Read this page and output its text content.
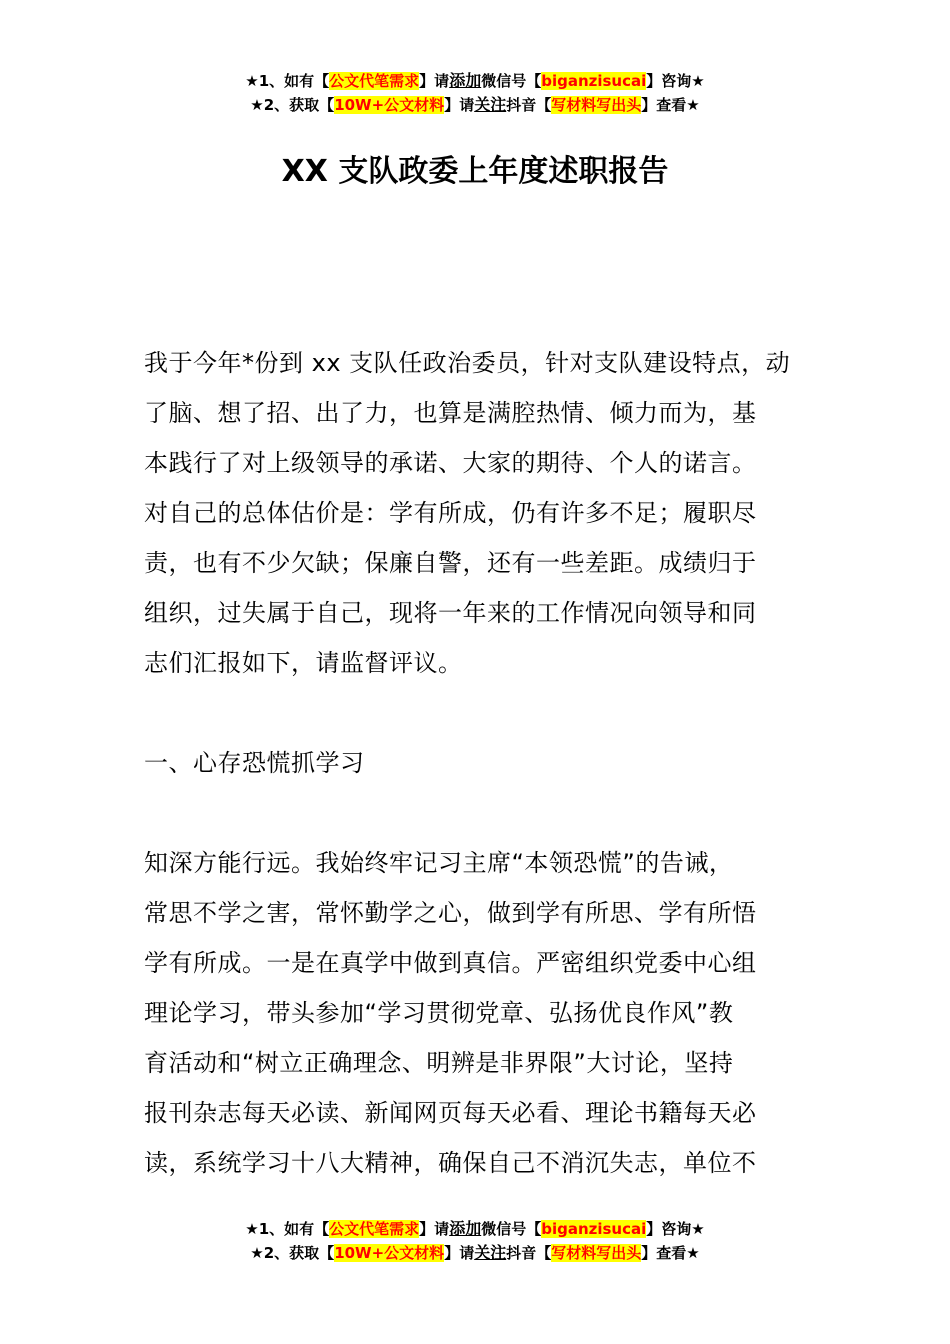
★1、如有【公文代笔需求】请添加微信号【biganzisucai】咨询★
★2、获取【10W+公文材料】请关注抖音【写材料写出头】查看★
XX 支队政委上年度述职报告
我于今年*份到 xx 支队任政治委员，针对支队建设特点，动
了脑、想了招、出了力，也算是满腔热情、倾力而为，基
本践行了对上级领导的承诺、大家的期待、个人的诺言。
对自己的总体估价是：学有所成，仍有许多不足；履职尽
责，也有不少欠缺；保廉自警，还有一些差距。成绩归于
组织，过失属于自己，现将一年来的工作情况向领导和同
志们汇报如下，请监督评议。
一、心存恐慌抓学习
知深方能行远。我始终牢记习主席“本领恐慌”的告诫，
常思不学之害，常怀勤学之心，做到学有所思、学有所悟
学有所成。一是在真学中做到真信。严密组织党委中心组
理论学习，带头参加“学习贯彻党章、弘扬优良作风”教
育活动和“树立正确理念、明辨是非界限”大讨论，坚持
报刊杂志每天必读、新闻网页每天必看、理论书籍每天必
读，系统学习十八大精神，确保自己不消沉失志，单位不
★1、如有【公文代笔需求】请添加微信号【biganzisucai】咨询★
★2、获取【10W+公文材料】请关注抖音【写材料写出头】查看★
